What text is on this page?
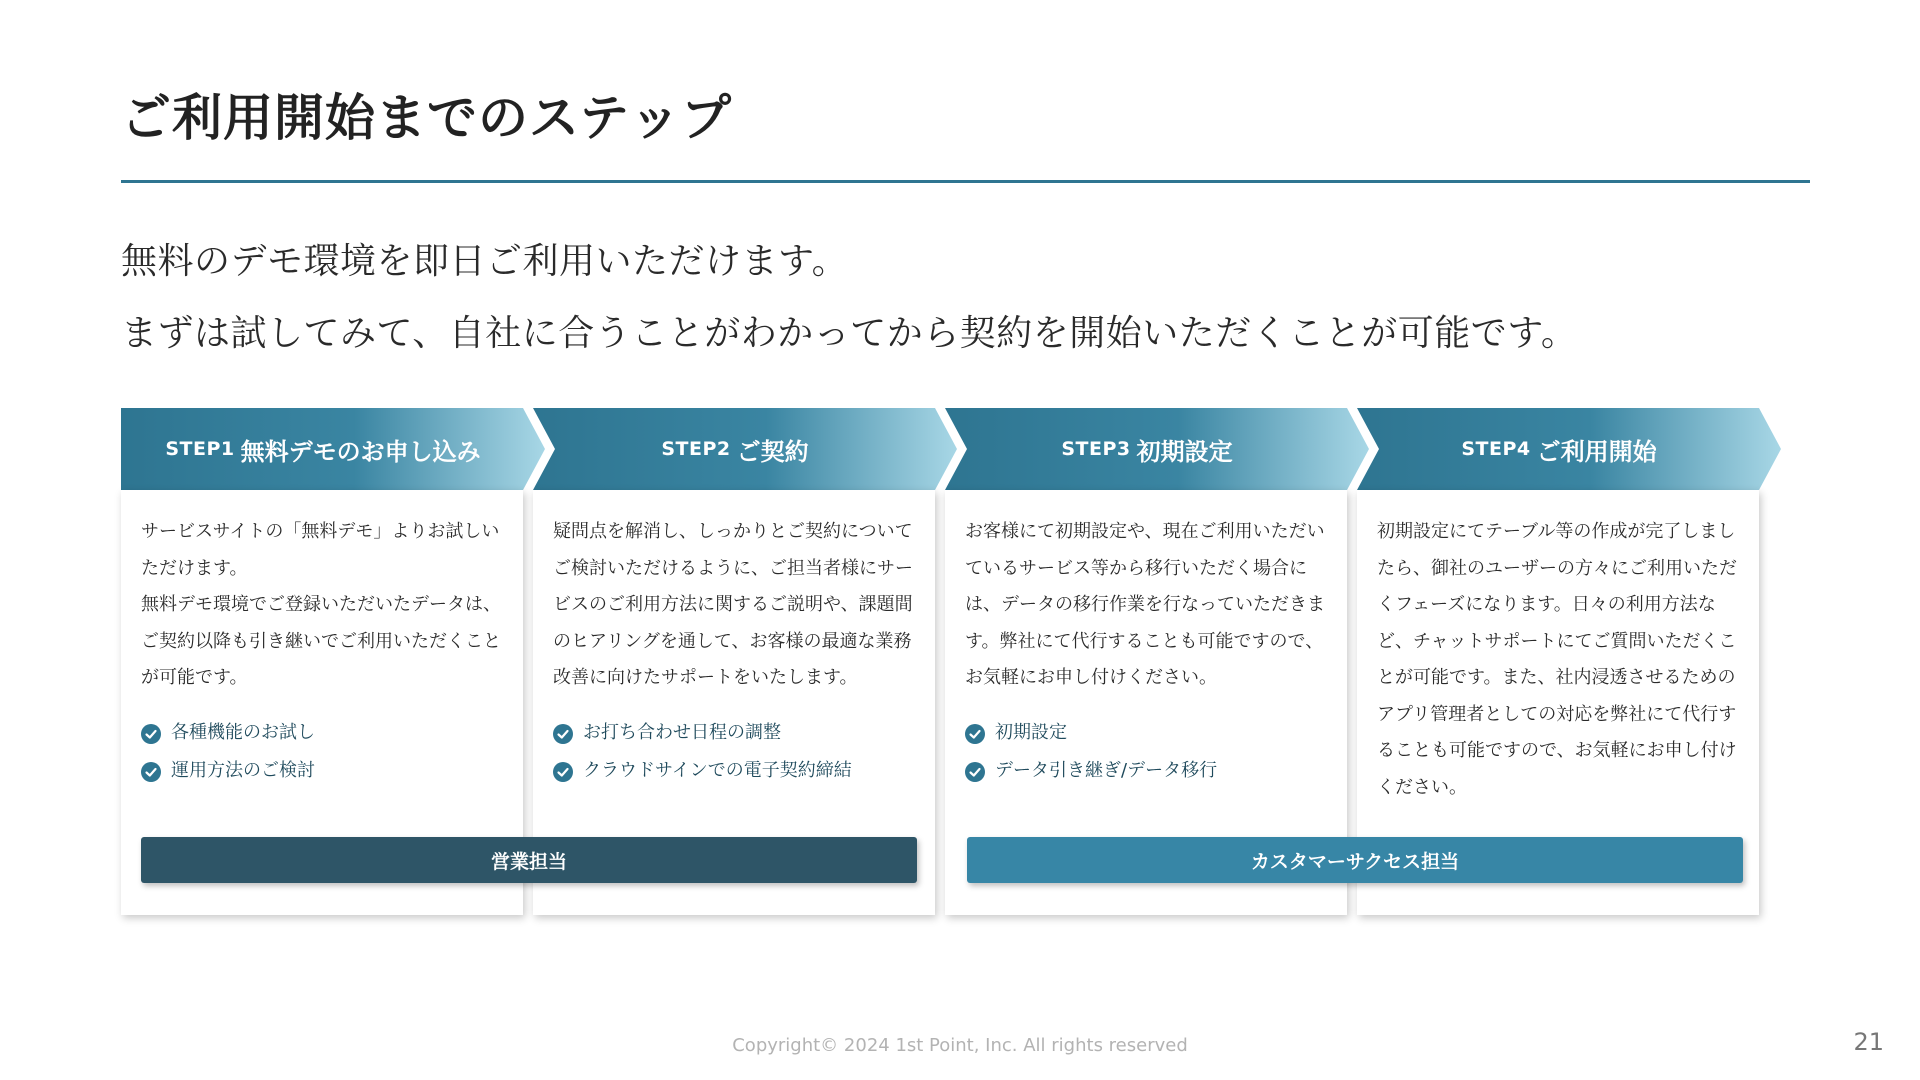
ご利用開始までのステップ
無料のデモ環境を即日ご利用いただけます。
まずは試してみて、自社に合うことがわかってから契約を開始いただくことが可能です。
STEP1 無料デモのお申し込み	STEP2 ご契約	STEP3 初期設定	STEP4 ご利用開始

サービスサイトの「無料デモ」よりお試しい
ただけます。
無料デモ環境でご登録いただいたデータは、
ご契約以降も引き継いでご利用いただくこと
が可能です。

各種機能のお試し
運用方法のご検討

疑問点を解消し、しっかりとご契約について
ご検討いただけるように、ご担当者様にサー
ビスのご利用方法に関するご説明や、課題間
のヒアリングを通して、お客様の最適な業務
改善に向けたサポートをいたします。

お打ち合わせ日程の調整
クラウドサインでの電子契約締結

お客様にて初期設定や、現在ご利用いただい
ているサービス等から移行いただく場合に
は、データの移行作業を行なっていただきま
す。弊社にて代行することも可能ですので、
お気軽にお申し付けください。

初期設定
データ引き継ぎ/データ移行

初期設定にてテーブル等の作成が完了しまし
たら、御社のユーザーの方々にご利用いただ
くフェーズになります。日々の利用方法な
ど、チャットサポートにてご質問いただくこ
とが可能です。また、社内浸透させるための
アプリ管理者としての対応を弊社にて代行す
ることも可能ですので、お気軽にお申し付け
ください。

営業担当	カスタマーサクセス担当
Copyright© 2024 1st Point, Inc. All rights reserved	21
